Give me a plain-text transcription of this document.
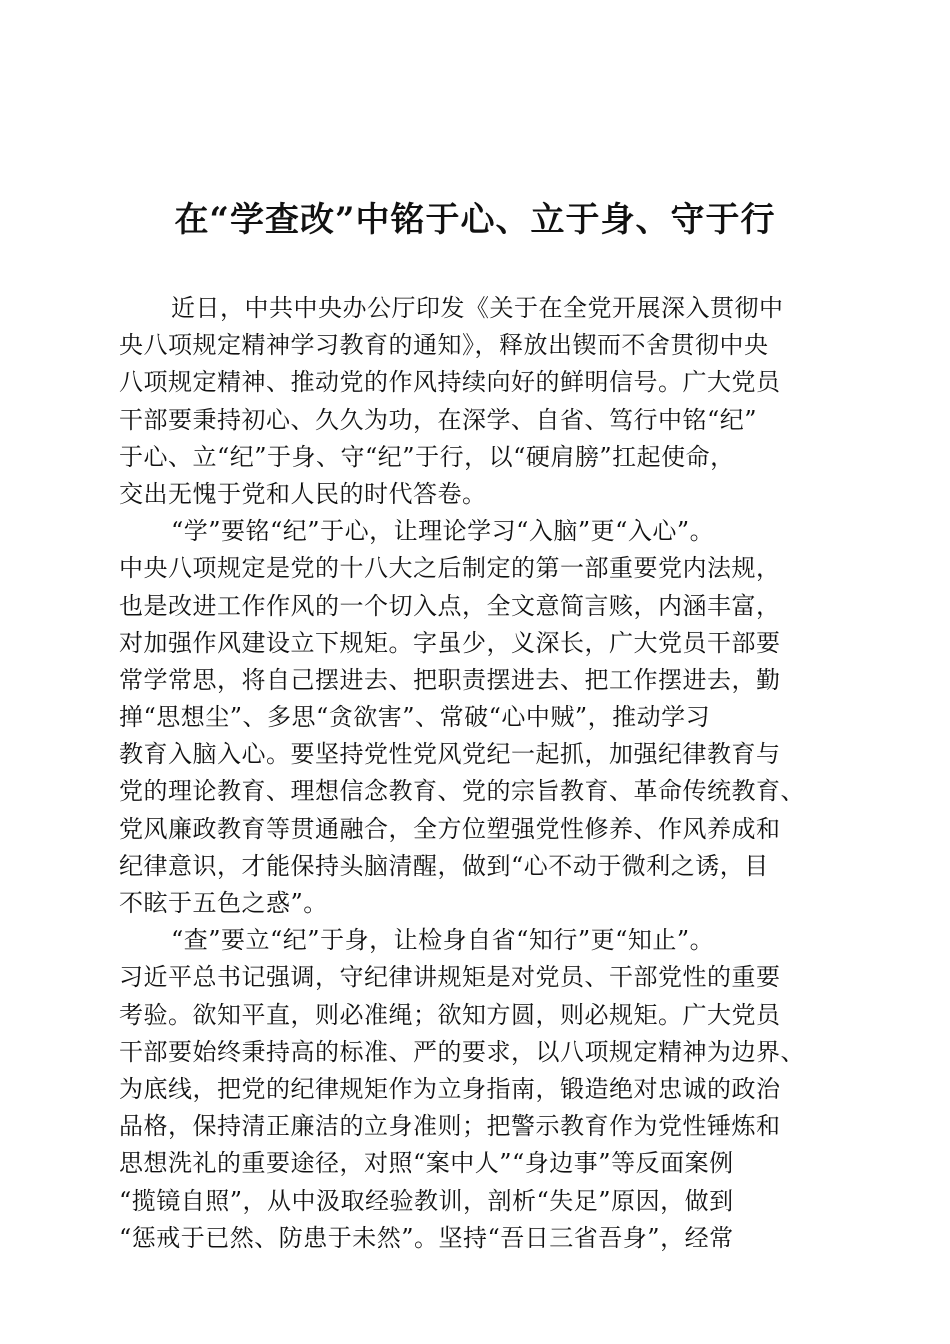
在“学查改”中铭于心、立于身、守于行
近日，中共中央办公厅印发《关于在全党开展深入贯彻中
央八项规定精神学习教育的通知》，释放出锲而不舍贯彻中央
八项规定精神、推动党的作风持续向好的鲜明信号。广大党员
干部要秉持初心、久久为功，在深学、自省、笃行中铭“纪”
于心、立“纪”于身、守“纪”于行，以“硬肩膀”扛起使命，
交出无愧于党和人民的时代答卷。
“学”要铭“纪”于心，让理论学习“入脑”更“入心”。
中央八项规定是党的十八大之后制定的第一部重要党内法规，
也是改进工作作风的一个切入点，全文意简言赅，内涵丰富，
对加强作风建设立下规矩。字虽少，义深长，广大党员干部要
常学常思，将自己摆进去、把职责摆进去、把工作摆进去，勤
掸“思想尘”、多思“贪欲害”、常破“心中贼”，推动学习
教育入脑入心。要坚持党性党风党纪一起抓，加强纪律教育与
党的理论教育、理想信念教育、党的宗旨教育、革命传统教育、
党风廉政教育等贯通融合，全方位塑强党性修养、作风养成和
纪律意识，才能保持头脑清醒，做到“心不动于微利之诱，目
不眩于五色之惑”。
“查”要立“纪”于身，让检身自省“知行”更“知止”。
习近平总书记强调，守纪律讲规矩是对党员、干部党性的重要
考验。欲知平直，则必准绳；欲知方圆，则必规矩。广大党员
干部要始终秉持高的标准、严的要求，以八项规定精神为边界、
为底线，把党的纪律规矩作为立身指南，锻造绝对忠诚的政治
品格，保持清正廉洁的立身准则；把警示教育作为党性锤炼和
思想洗礼的重要途径，对照“案中人”“身边事”等反面案例
“揽镜自照”，从中汲取经验教训，剖析“失足”原因，做到
“惩戒于已然、防患于未然”。坚持“吾日三省吾身”，经常
